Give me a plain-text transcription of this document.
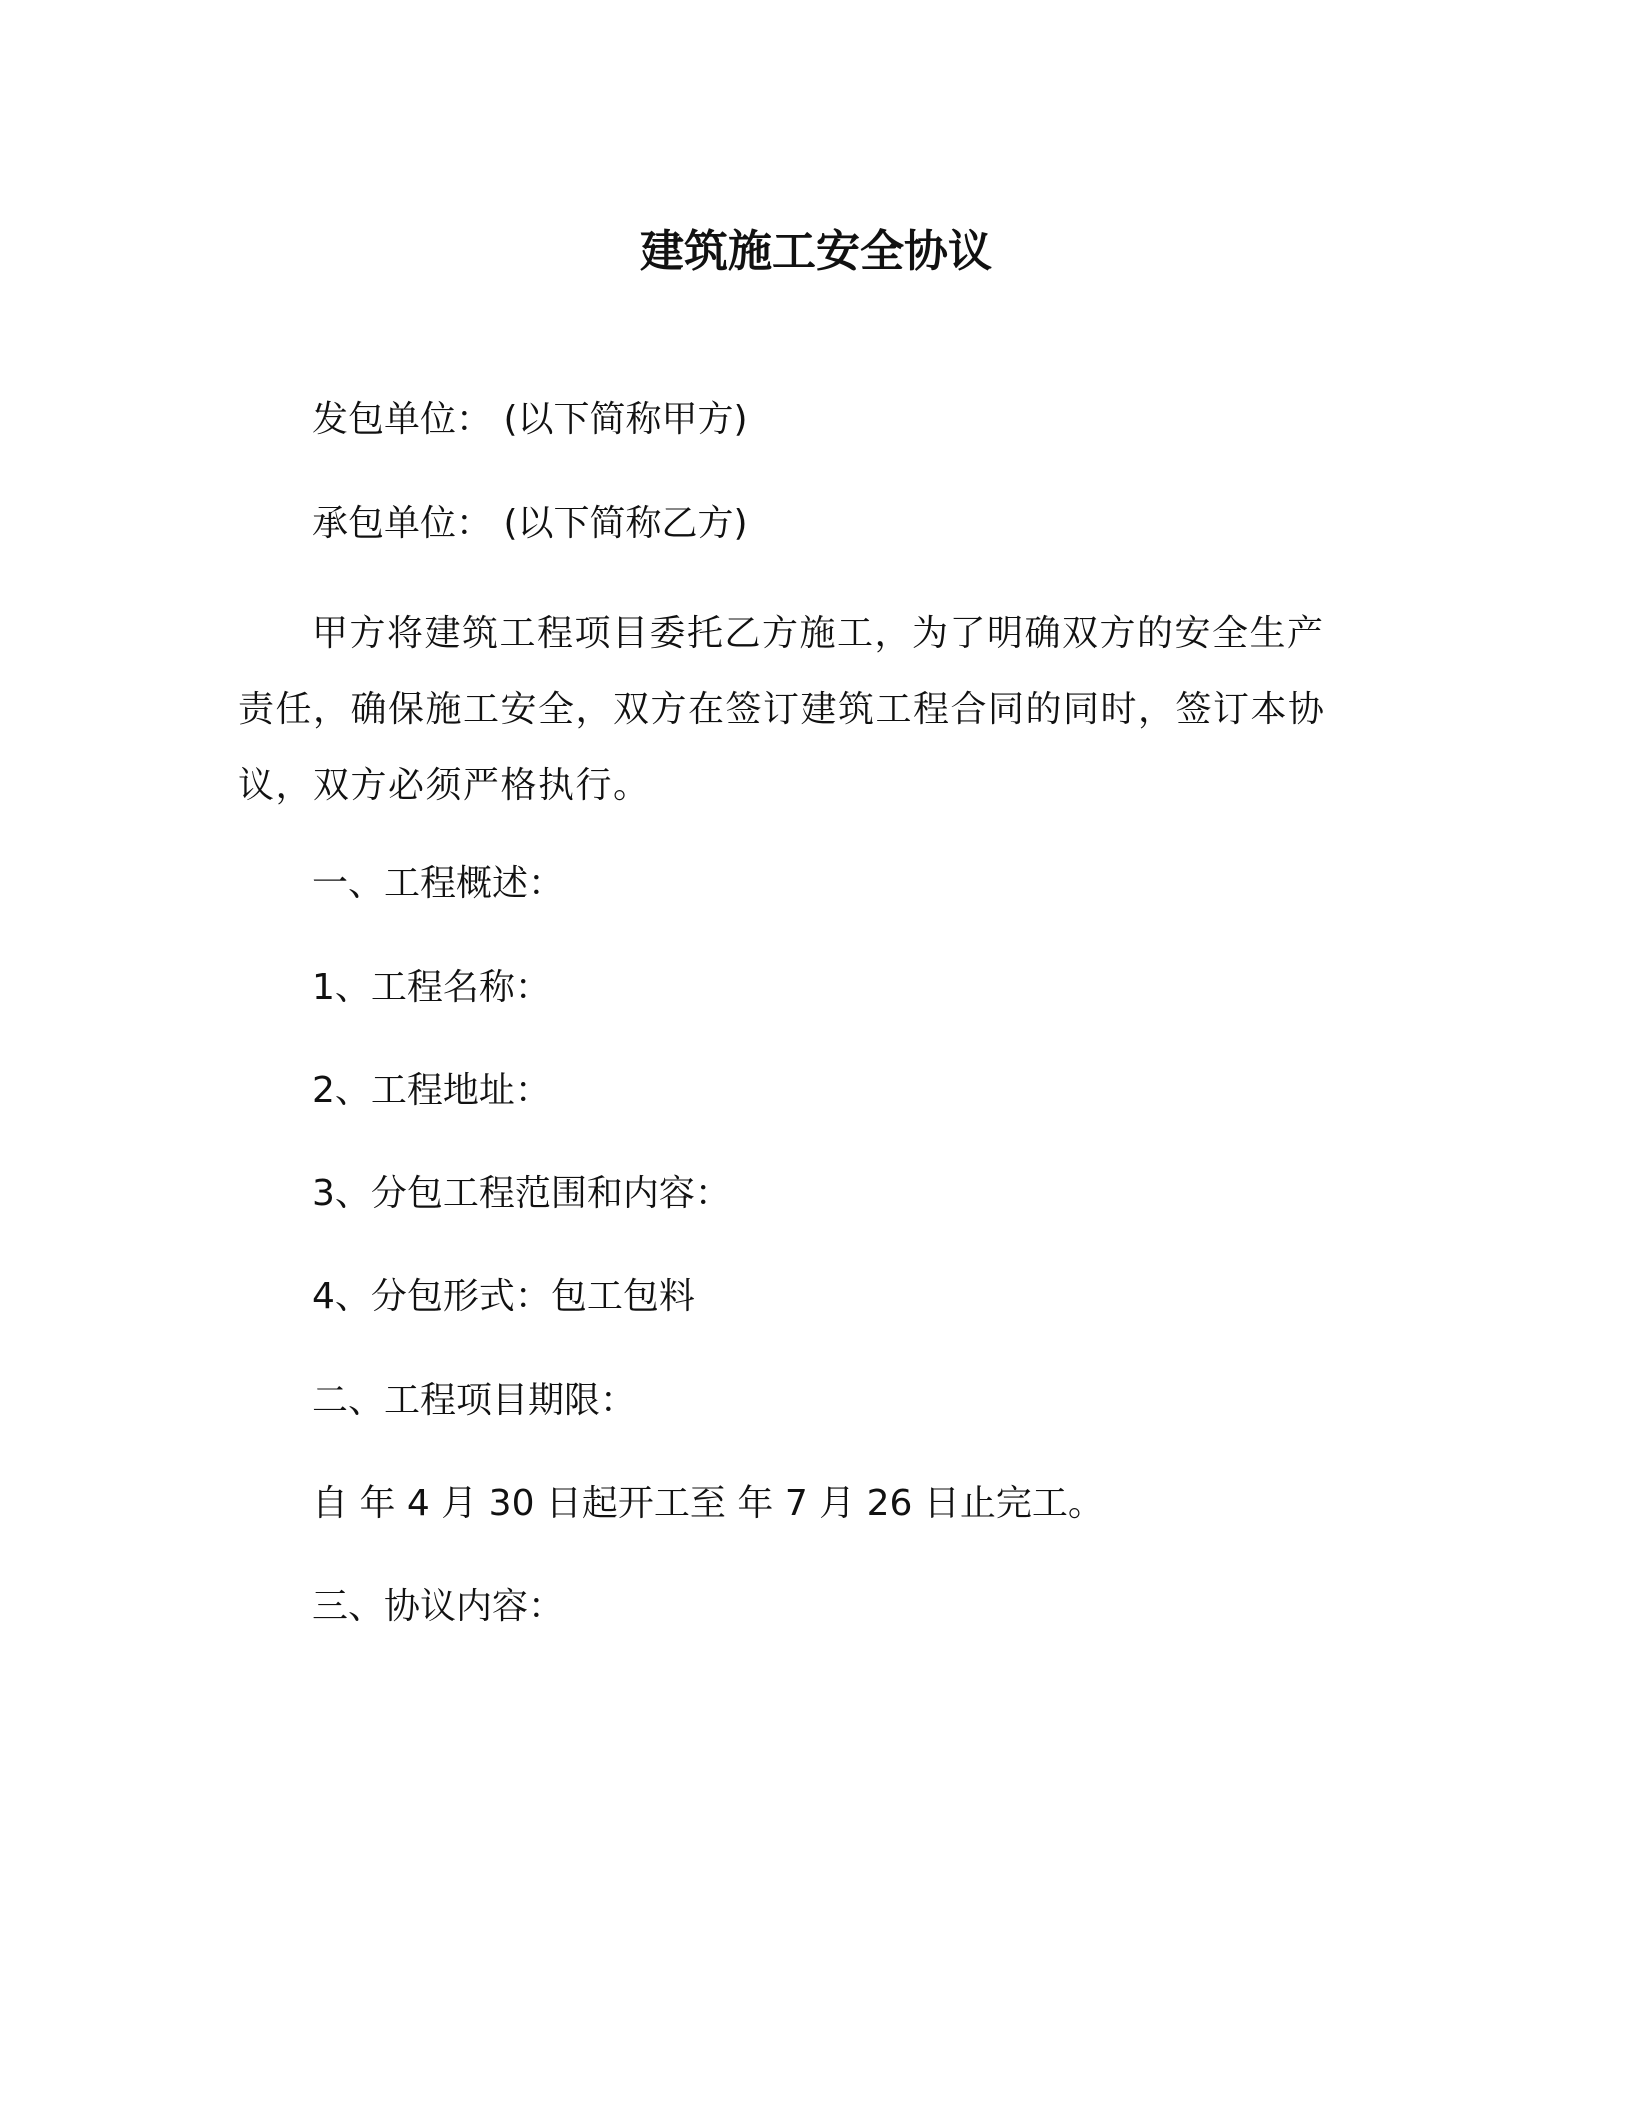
建筑施工安全协议

发包单位： (以下简称甲方)

承包单位： (以下简称乙方)

甲方将建筑工程项目委托乙方施工，为了明确双方的安全生产责任，确保施工安全，双方在签订建筑工程合同的同时，签订本协议，双方必须严格执行。

一、工程概述：

1、工程名称：

2、工程地址：

3、分包工程范围和内容：

4、分包形式：包工包料

二、工程项目期限：

自 年 4 月 30 日起开工至 年 7 月 26 日止完工。

三、协议内容：
